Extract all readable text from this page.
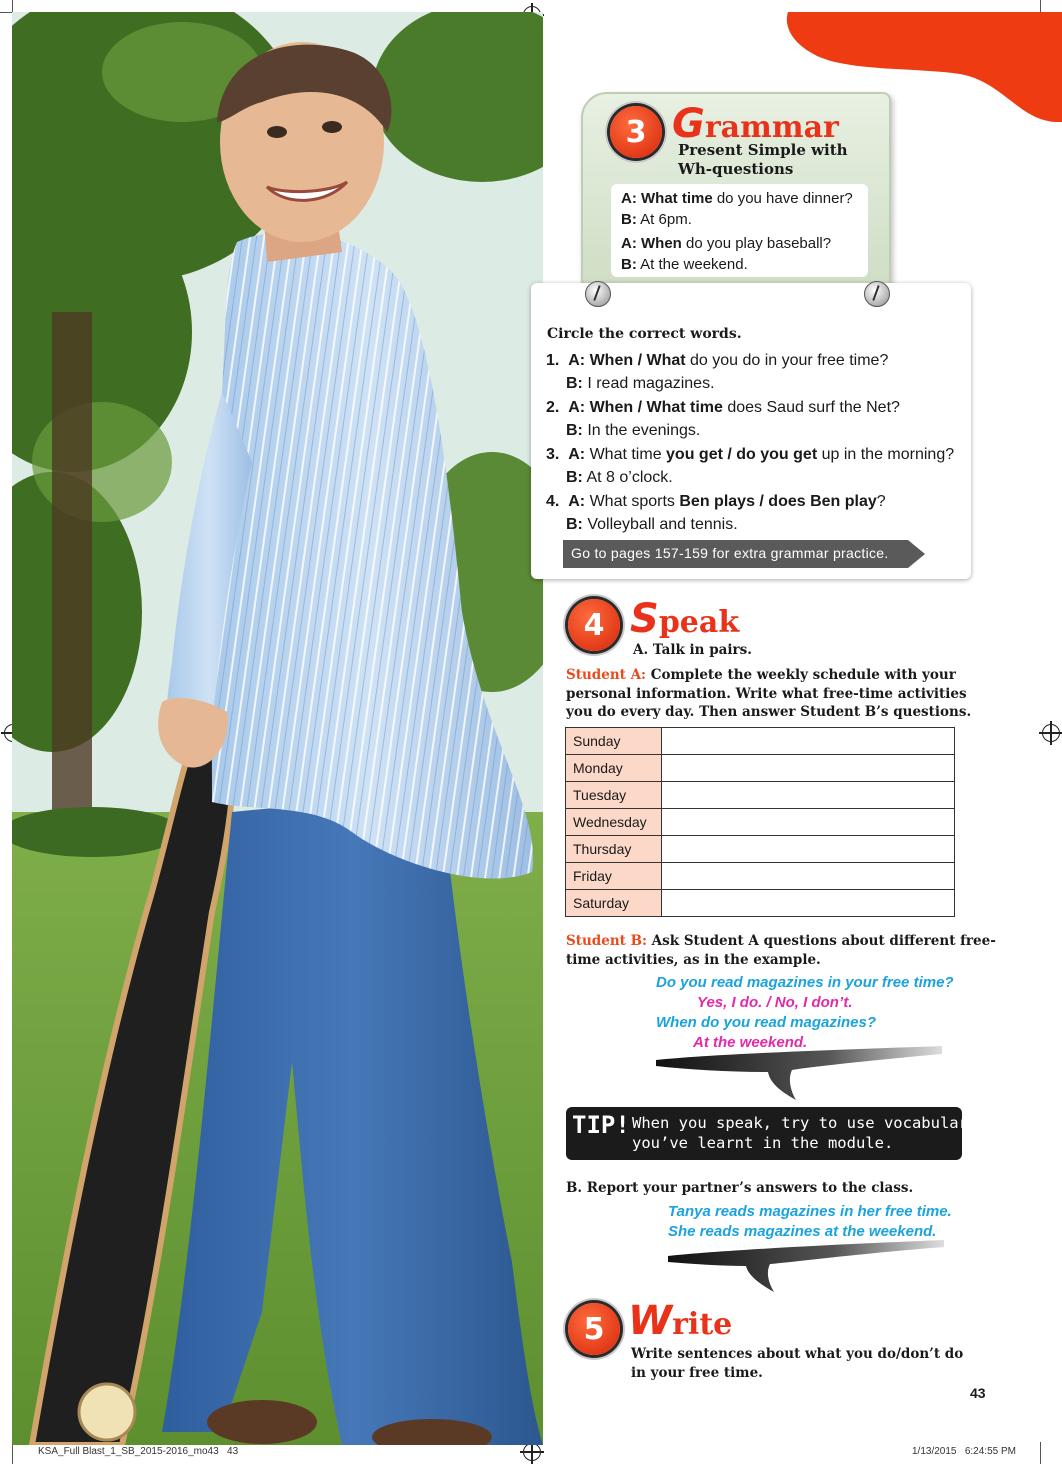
3 Grammar
Present Simple with
Wh-questions
A: What time do you have dinner?
B: At 6pm.
A: When do you play baseball?
B: At the weekend.
Circle the correct words.
1. A: When / What do you do in your free time?
B: I read magazines.
2. A: When / What time does Saud surf the Net?
B: In the evenings.
3. A: What time you get / do you get up in the morning?
B: At 8 o’clock.
4. A: What sports Ben plays / does Ben play?
B: Volleyball and tennis.
Go to pages 157-159 for extra grammar practice.
4 Speak
A. Talk in pairs.
Student A: Complete the weekly schedule with your
personal information. Write what free-time activities
you do every day. Then answer Student B’s questions.
Sunday	
Monday	
Tuesday	
Wednesday	
Thursday	
Friday	
Saturday	
Student B: Ask Student A questions about different free-
time activities, as in the example.
Do you read magazines in your free time?
Yes, I do. / No, I don’t.
When do you read magazines?
At the weekend.
TIP! When you speak, try to use vocabulary
you’ve learnt in the module.
B. Report your partner’s answers to the class.
Tanya reads magazines in her free time.
She reads magazines at the weekend.
5 Write
Write sentences about what you do/don’t do
in your free time.
43
KSA_Full Blast_1_SB_2015-2016_mo43   43	1/13/2015   6:24:55 PM
